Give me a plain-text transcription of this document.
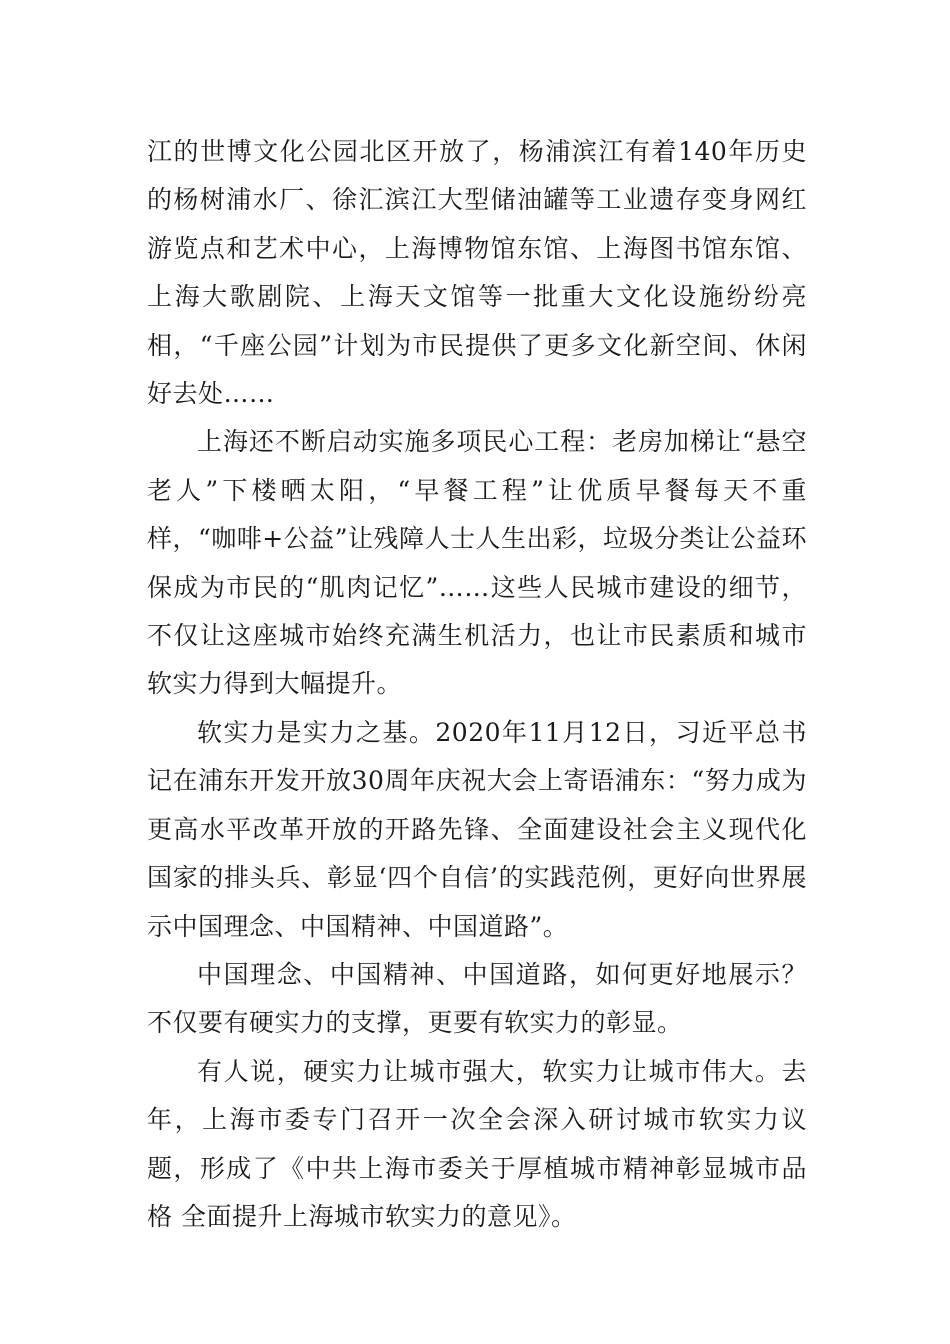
江的世博文化公园北区开放了，杨浦滨江有着140年历史的杨树浦水厂、徐汇滨江大型储油罐等工业遗存变身网红游览点和艺术中心，上海博物馆东馆、上海图书馆东馆、上海大歌剧院、上海天文馆等一批重大文化设施纷纷亮相，“千座公园”计划为市民提供了更多文化新空间、休闲好去处……

上海还不断启动实施多项民心工程：老房加梯让“悬空老人”下楼晒太阳，“早餐工程”让优质早餐每天不重样，“咖啡+公益”让残障人士人生出彩，垃圾分类让公益环保成为市民的“肌肉记忆”……这些人民城市建设的细节，不仅让这座城市始终充满生机活力，也让市民素质和城市软实力得到大幅提升。

软实力是实力之基。2020年11月12日，习近平总书记在浦东开发开放30周年庆祝大会上寄语浦东：“努力成为更高水平改革开放的开路先锋、全面建设社会主义现代化国家的排头兵、彰显‘四个自信’的实践范例，更好向世界展示中国理念、中国精神、中国道路”。

中国理念、中国精神、中国道路，如何更好地展示？不仅要有硬实力的支撑，更要有软实力的彰显。

有人说，硬实力让城市强大，软实力让城市伟大。去年，上海市委专门召开一次全会深入研讨城市软实力议题，形成了《中共上海市委关于厚植城市精神彰显城市品格 全面提升上海城市软实力的意见》。
